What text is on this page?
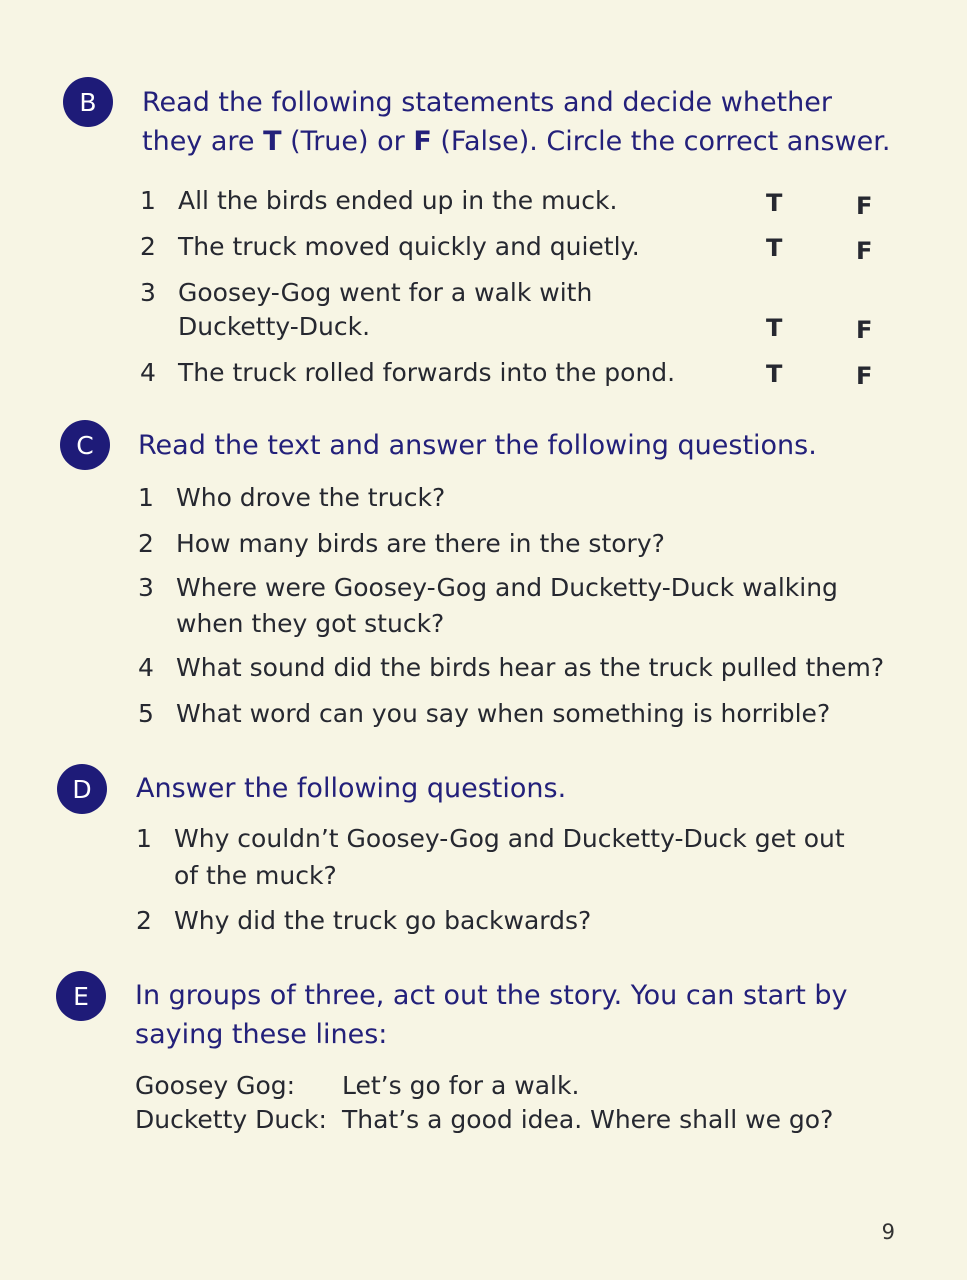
B	Read the following statements and decide whether
they are T (True) or F (False). Circle the correct answer.
1 All the birds ended up in the muck.	T	F
2 The truck moved quickly and quietly.	T	F
3 Goosey-Gog went for a walk with
Ducketty-Duck.	T	F
4 The truck rolled forwards into the pond.	T	F
C	Read the text and answer the following questions.
1 Who drove the truck?
2 How many birds are there in the story?
3 Where were Goosey-Gog and Ducketty-Duck walking
when they got stuck?
4 What sound did the birds hear as the truck pulled them?
5 What word can you say when something is horrible?
D	Answer the following questions.
1 Why couldn’t Goosey-Gog and Ducketty-Duck get out
of the muck?
2 Why did the truck go backwards?
E	In groups of three, act out the story. You can start by
saying these lines:
Goosey Gog: Let’s go for a walk.
Ducketty Duck: That’s a good idea. Where shall we go?
9
